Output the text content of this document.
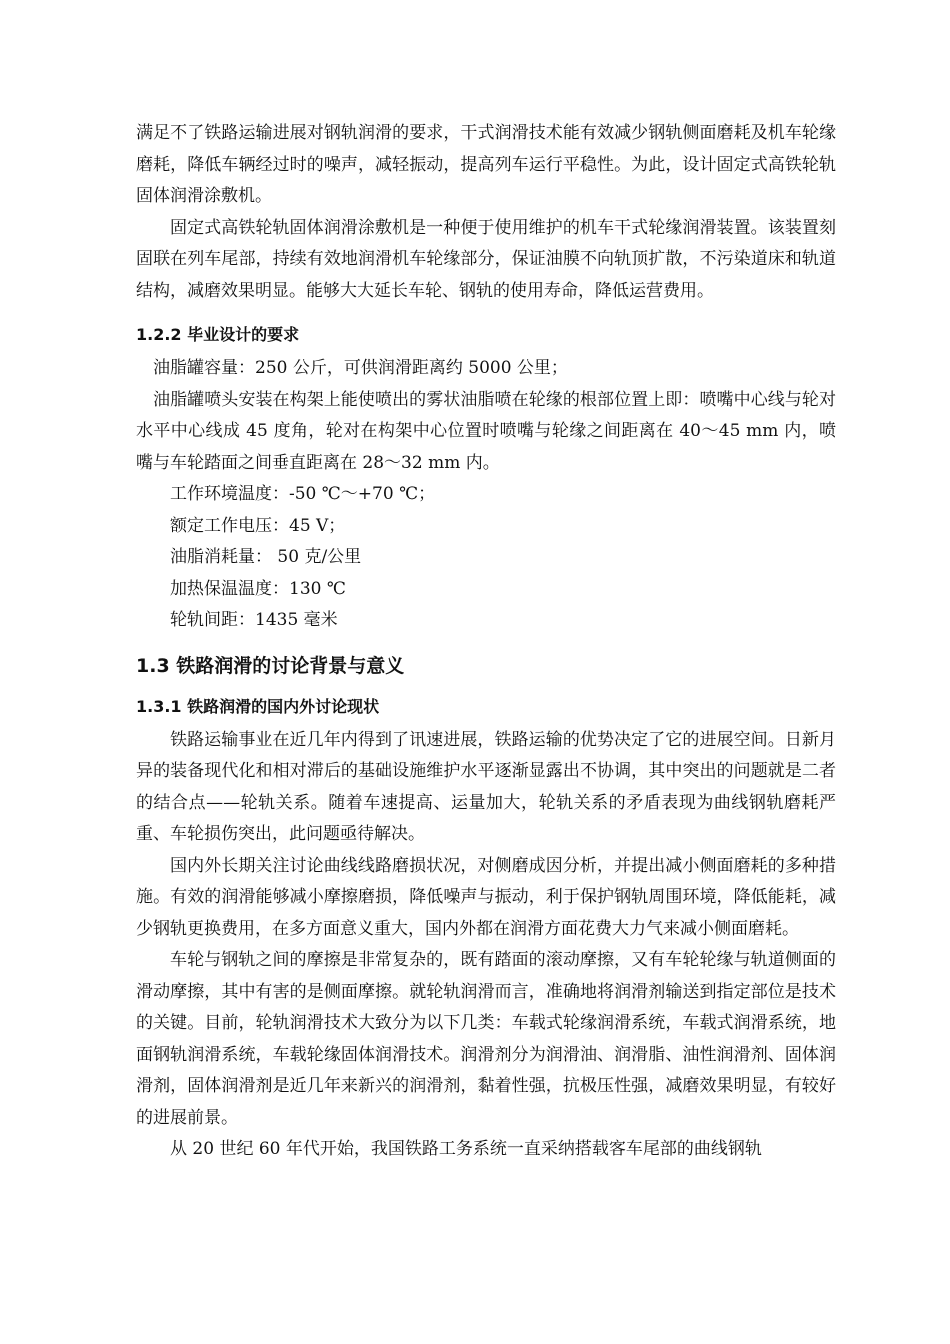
满足不了铁路运输进展对钢轨润滑的要求，干式润滑技术能有效减少钢轨侧面磨耗及机车轮缘磨耗，降低车辆经过时的噪声，减轻振动，提高列车运行平稳性。为此，设计固定式高铁轮轨固体润滑涂敷机。

固定式高铁轮轨固体润滑涂敷机是一种便于使用维护的机车干式轮缘润滑装置。该装置刻固联在列车尾部，持续有效地润滑机车轮缘部分，保证油膜不向轨顶扩散，不污染道床和轨道结构，减磨效果明显。能够大大延长车轮、钢轨的使用寿命，降低运营费用。

1.2.2 毕业设计的要求

油脂罐容量：250 公斤，可供润滑距离约 5000 公里；

油脂罐喷头安装在构架上能使喷出的雾状油脂喷在轮缘的根部位置上即：喷嘴中心线与轮对水平中心线成 45 度角，轮对在构架中心位置时喷嘴与轮缘之间距离在 40～45 mm 内，喷嘴与车轮踏面之间垂直距离在 28～32 mm 内。

工作环境温度：-50 ℃～+70 ℃；

额定工作电压：45 V；

油脂消耗量： 50 克/公里

加热保温温度：130 ℃

轮轨间距：1435 毫米

1.3 铁路润滑的讨论背景与意义
1.3.1 铁路润滑的国内外讨论现状

铁路运输事业在近几年内得到了讯速进展，铁路运输的优势决定了它的进展空间。日新月异的装备现代化和相对滞后的基础设施维护水平逐渐显露出不协调，其中突出的问题就是二者的结合点——轮轨关系。随着车速提高、运量加大，轮轨关系的矛盾表现为曲线钢轨磨耗严重、车轮损伤突出，此问题亟待解决。

国内外长期关注讨论曲线线路磨损状况，对侧磨成因分析，并提出减小侧面磨耗的多种措施。有效的润滑能够减小摩擦磨损，降低噪声与振动，利于保护钢轨周围环境，降低能耗，减少钢轨更换费用，在多方面意义重大，国内外都在润滑方面花费大力气来减小侧面磨耗。

车轮与钢轨之间的摩擦是非常复杂的，既有踏面的滚动摩擦，又有车轮轮缘与轨道侧面的滑动摩擦，其中有害的是侧面摩擦。就轮轨润滑而言，准确地将润滑剂输送到指定部位是技术的关键。目前，轮轨润滑技术大致分为以下几类：车载式轮缘润滑系统，车载式润滑系统，地面钢轨润滑系统，车载轮缘固体润滑技术。润滑剂分为润滑油、润滑脂、油性润滑剂、固体润滑剂，固体润滑剂是近几年来新兴的润滑剂，黏着性强，抗极压性强，减磨效果明显，有较好的进展前景。

从 20 世纪 60 年代开始，我国铁路工务系统一直采纳搭载客车尾部的曲线钢轨
